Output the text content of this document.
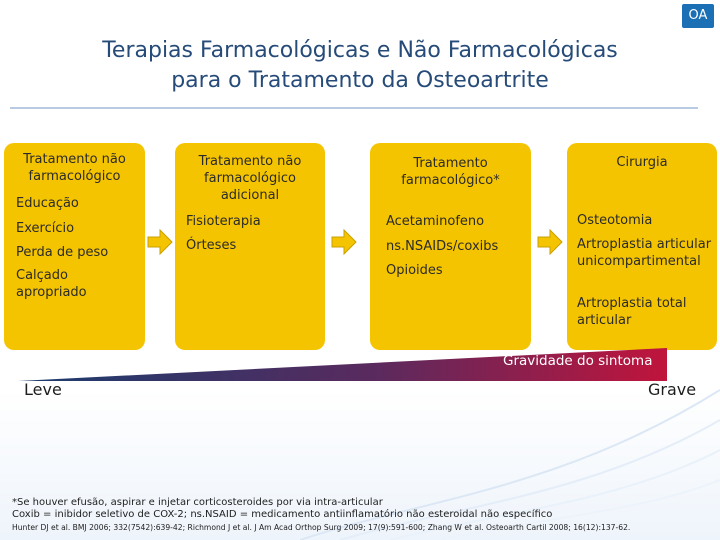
OA
Terapias Farmacológicas e Não Farmacológicas
para o Tratamento da Osteoartrite
Tratamento não farmacológico
Educação
Exercício
Perda de peso
Calçado apropriado
Tratamento não farmacológico adicional
Fisioterapia
Órteses
Tratamento farmacológico*
Acetaminofeno
ns.NSAIDs/coxibs
Opioides
Cirurgia
Osteotomia
Artroplastia articular unicompartimental
Artroplastia total articular
Gravidade do sintoma
Leve	Grave
*Se houver efusão, aspirar e injetar corticosteroides por via intra-articular
Coxib = inibidor seletivo de COX-2; ns.NSAID = medicamento antiinflamatório não esteroidal não específico
Hunter DJ et al. BMJ 2006; 332(7542):639-42; Richmond J et al. J Am Acad Orthop Surg 2009; 17(9):591-600; Zhang W et al. Osteoarth Cartil 2008; 16(12):137-62.
